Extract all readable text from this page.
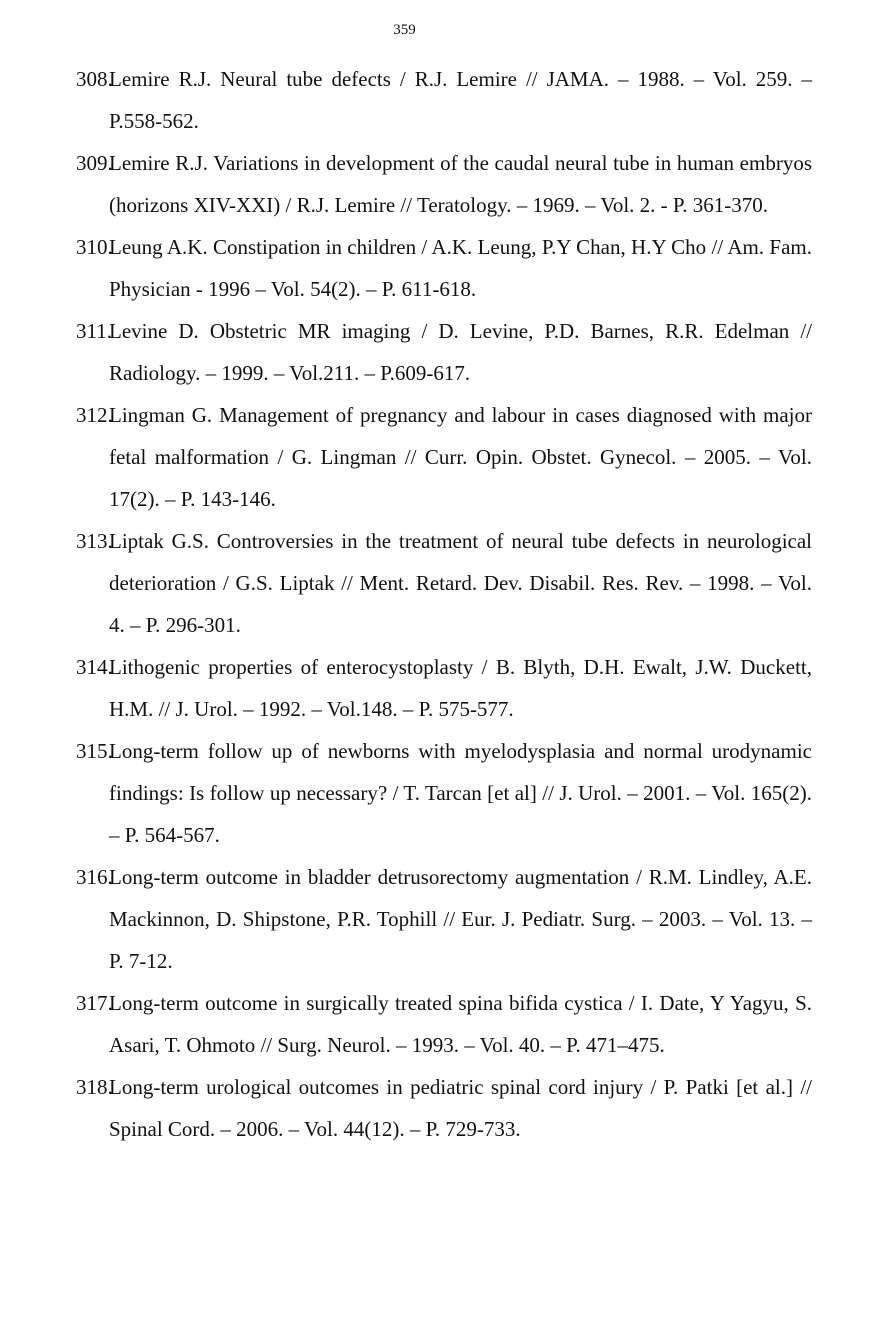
359
308.
Lemire R.J. Neural tube defects / R.J. Lemire // JAMA. – 1988. – Vol. 259. – P.558-562.
309.
Lemire R.J. Variations in development of the caudal neural tube in human embryos (horizons XIV-XXI) / R.J. Lemire // Teratology. – 1969. – Vol. 2. - P. 361-370.
310.
Leung A.K. Constipation in children / A.K. Leung, P.Y Chan, H.Y Cho // Am. Fam. Physician - 1996 – Vol. 54(2). – P. 611-618.
311.
Levine D. Obstetric MR imaging / D. Levine, P.D. Barnes, R.R. Edelman // Radiology. – 1999. – Vol.211. – P.609-617.
312.
Lingman G. Management of pregnancy and labour in cases diagnosed with major fetal malformation / G. Lingman // Curr. Opin. Obstet. Gynecol. – 2005. – Vol. 17(2). – P. 143-146.
313.
Liptak G.S. Controversies in the treatment of neural tube defects in neurological deterioration / G.S. Liptak // Ment. Retard. Dev. Disabil. Res. Rev. – 1998. – Vol. 4. – P. 296-301.
314.
Lithogenic properties of enterocystoplasty / B. Blyth, D.H. Ewalt, J.W. Duckett, H.M. // J. Urol. – 1992. – Vol.148. – P. 575-577.
315.
Long-term follow up of newborns with myelodysplasia and normal urodynamic findings: Is follow up necessary? / T. Tarcan [et al] // J. Urol. – 2001. – Vol. 165(2). – P. 564-567.
316.
Long-term outcome in bladder detrusorectomy augmentation / R.M. Lindley, A.E. Mackinnon, D. Shipstone, P.R. Tophill // Eur. J. Pediatr. Surg. – 2003. – Vol. 13. – P. 7-12.
317.
Long-term outcome in surgically treated spina bifida cystica / I. Date, Y Yagyu, S. Asari, T. Ohmoto // Surg. Neurol. – 1993. – Vol. 40. – P. 471–475.
318.
Long-term urological outcomes in pediatric spinal cord injury / P. Patki [et al.] // Spinal Cord. – 2006. – Vol. 44(12). – P. 729-733.
